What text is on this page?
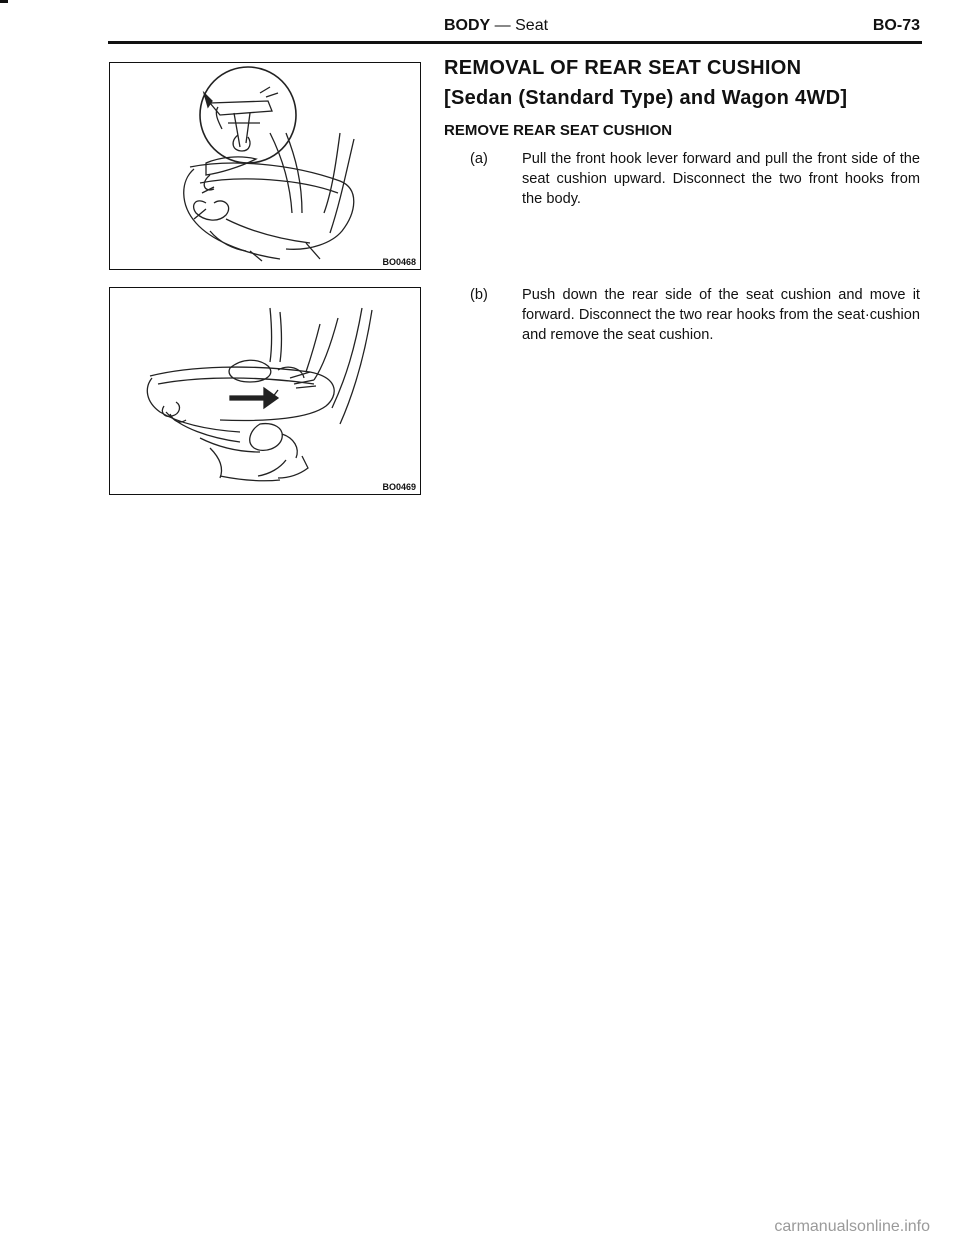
BODY — Seat	BO-73
BO0468
BO0469
REMOVAL OF REAR SEAT CUSHION
[Sedan (Standard Type) and Wagon 4WD]
REMOVE REAR SEAT CUSHION
(a) Pull the front hook lever forward and pull the front side of the seat cushion upward. Disconnect the two front hooks from the body.
(b) Push down the rear side of the seat cushion and move it forward. Disconnect the two rear hooks from the seat·cushion and remove the seat cushion.
carmanualsonline.info
